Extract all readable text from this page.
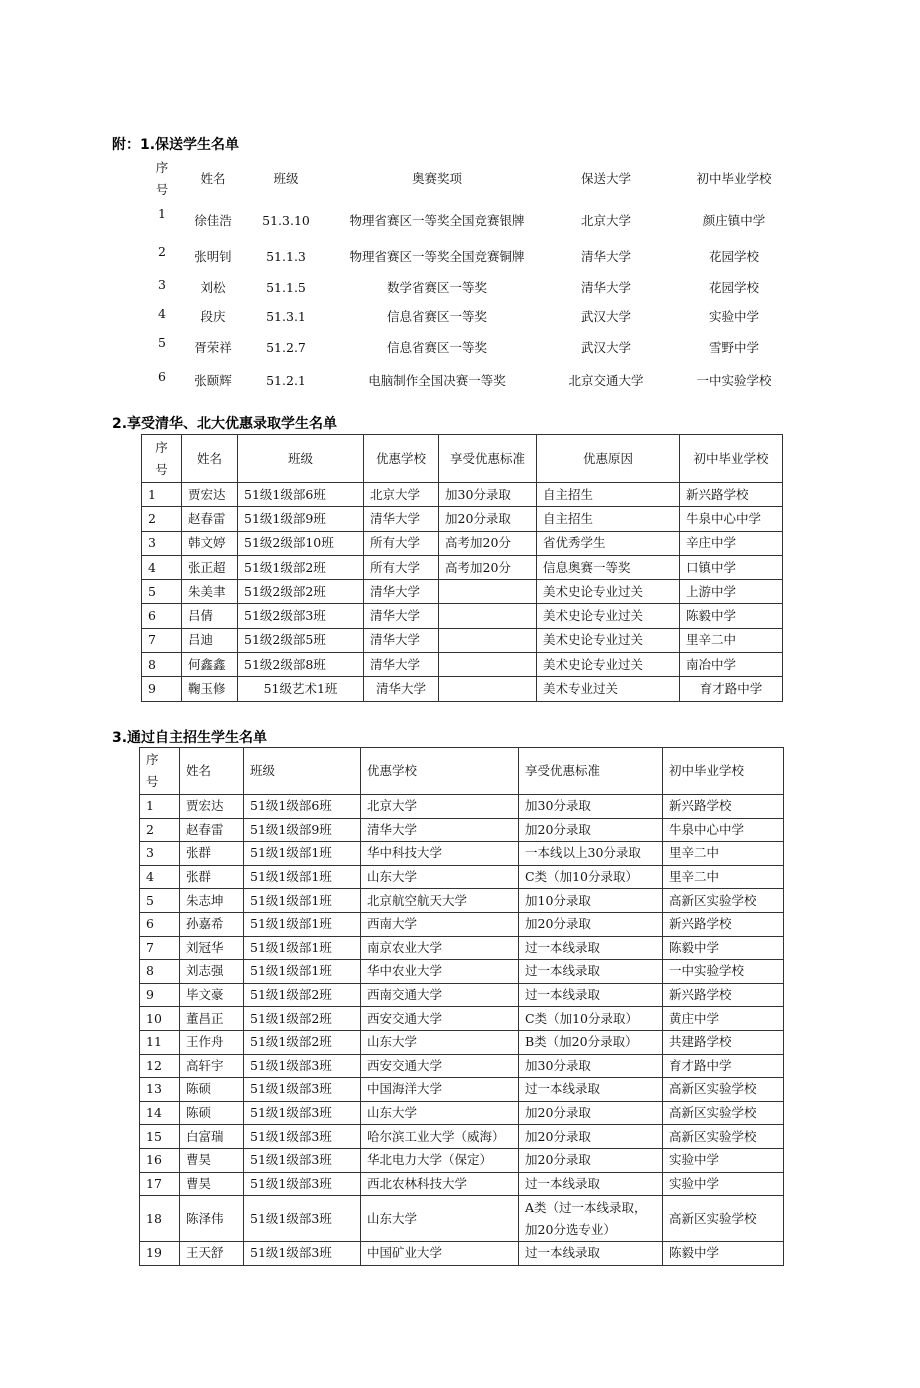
附：1.保送学生名单
序
号	姓名	班级	奥赛奖项	保送大学	初中毕业学校
1	徐佳浩	51.3.10	物理省赛区一等奖全国竞赛银牌	北京大学	颜庄镇中学
2	张明钊	51.1.3	物理省赛区一等奖全国竞赛铜牌	清华大学	花园学校
3	刘松	51.1.5	数学省赛区一等奖	清华大学	花园学校
4	段庆	51.3.1	信息省赛区一等奖	武汉大学	实验中学
5	胥荣祥	51.2.7	信息省赛区一等奖	武汉大学	雪野中学
6	张颐辉	51.2.1	电脑制作全国决赛一等奖	北京交通大学	一中实验学校
2.享受清华、北大优惠录取学生名单
序
号	姓名	班级	优惠学校	享受优惠标准	优惠原因	初中毕业学校
1	贾宏达	51级1级部6班	北京大学	加30分录取	自主招生	新兴路学校
2	赵春雷	51级1级部9班	清华大学	加20分录取	自主招生	牛泉中心中学
3	韩文婷	51级2级部10班	所有大学	高考加20分	省优秀学生	辛庄中学
4	张正超	51级1级部2班	所有大学	高考加20分	信息奥赛一等奖	口镇中学
5	朱美聿	51级2级部2班	清华大学		美术史论专业过关	上游中学
6	吕倩	51级2级部3班	清华大学		美术史论专业过关	陈毅中学
7	吕迪	51级2级部5班	清华大学		美术史论专业过关	里辛二中
8	何鑫鑫	51级2级部8班	清华大学		美术史论专业过关	南冶中学
9	鞠玉修	51级艺术1班	清华大学		美术专业过关	育才路中学
3.通过自主招生学生名单
序
号	姓名	班级	优惠学校	享受优惠标准	初中毕业学校
1	贾宏达	51级1级部6班	北京大学	加30分录取	新兴路学校
2	赵春雷	51级1级部9班	清华大学	加20分录取	牛泉中心中学
3	张群	51级1级部1班	华中科技大学	一本线以上30分录取	里辛二中
4	张群	51级1级部1班	山东大学	C类（加10分录取）	里辛二中
5	朱志坤	51级1级部1班	北京航空航天大学	加10分录取	高新区实验学校
6	孙嘉希	51级1级部1班	西南大学	加20分录取	新兴路学校
7	刘冠华	51级1级部1班	南京农业大学	过一本线录取	陈毅中学
8	刘志强	51级1级部1班	华中农业大学	过一本线录取	一中实验学校
9	毕文豪	51级1级部2班	西南交通大学	过一本线录取	新兴路学校
10	董昌正	51级1级部2班	西安交通大学	C类（加10分录取）	黄庄中学
11	王作舟	51级1级部2班	山东大学	B类（加20分录取）	共建路学校
12	高轩宇	51级1级部3班	西安交通大学	加30分录取	育才路中学
13	陈硕	51级1级部3班	中国海洋大学	过一本线录取	高新区实验学校
14	陈硕	51级1级部3班	山东大学	加20分录取	高新区实验学校
15	白富瑞	51级1级部3班	哈尔滨工业大学（威海）	加20分录取	高新区实验学校
16	曹昊	51级1级部3班	华北电力大学（保定）	加20分录取	实验中学
17	曹昊	51级1级部3班	西北农林科技大学	过一本线录取	实验中学
18	陈泽伟	51级1级部3班	山东大学	A类（过一本线录取，
加20分选专业）	高新区实验学校
19	王天舒	51级1级部3班	中国矿业大学	过一本线录取	陈毅中学
